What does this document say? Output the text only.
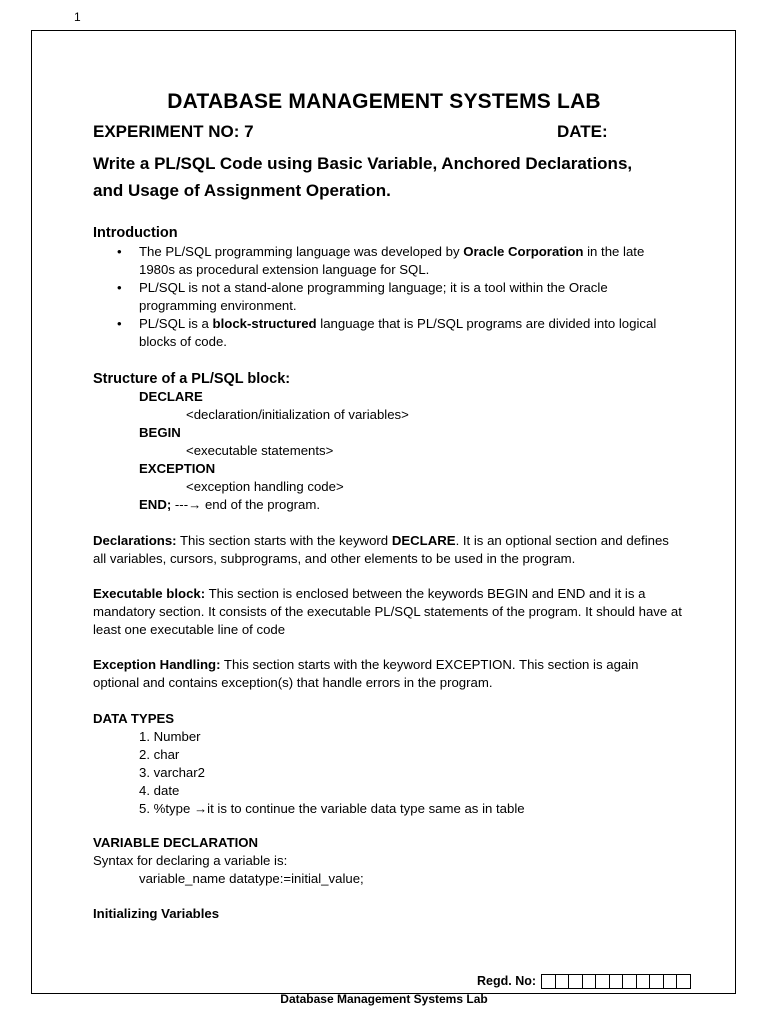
1
DATABASE MANAGEMENT SYSTEMS LAB
EXPERIMENT NO: 7	DATE:
Write a PL/SQL Code using Basic Variable, Anchored Declarations,
and Usage of Assignment Operation.
Introduction
• The PL/SQL programming language was developed by Oracle Corporation in the late 1980s as procedural extension language for SQL.
• PL/SQL is not a stand-alone programming language; it is a tool within the Oracle programming environment.
• PL/SQL is a block-structured language that is PL/SQL programs are divided into logical blocks of code.
Structure of a PL/SQL block:
DECLARE
<declaration/initialization of variables>
BEGIN
<executable statements>
EXCEPTION
<exception handling code>
END; ---→ end of the program.
Declarations: This section starts with the keyword DECLARE. It is an optional section and defines all variables, cursors, subprograms, and other elements to be used in the program.
Executable block: This section is enclosed between the keywords BEGIN and END and it is a mandatory section. It consists of the executable PL/SQL statements of the program. It should have at least one executable line of code
Exception Handling: This section starts with the keyword EXCEPTION. This section is again optional and contains exception(s) that handle errors in the program.
DATA TYPES
1. Number
2. char
3. varchar2
4. date
5. %type →it is to continue the variable data type same as in table
VARIABLE DECLARATION
Syntax for declaring a variable is:
variable_name datatype:=initial_value;
Initializing Variables
Regd. No:
Database Management Systems Lab
